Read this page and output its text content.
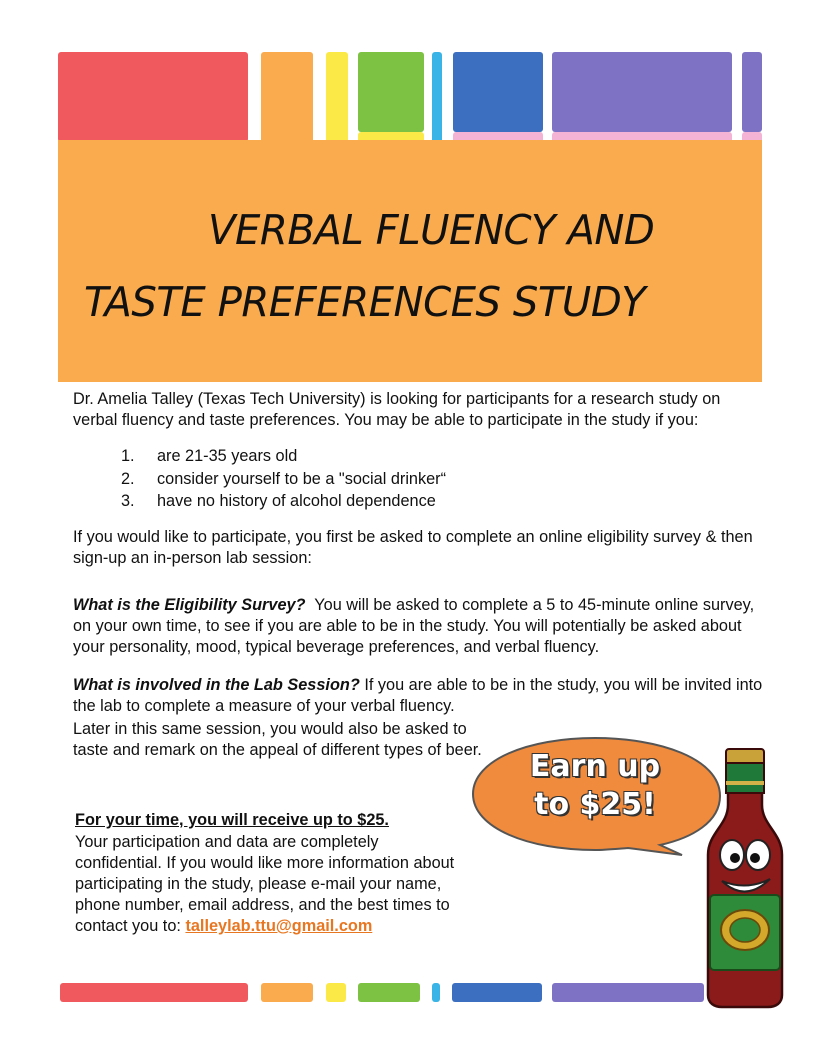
VERBAL FLUENCY AND
TASTE PREFERENCES STUDY
Dr. Amelia Talley (Texas Tech University) is looking for participants for a research study on verbal fluency and taste preferences. You may be able to participate in the study if you:
1. are 21-35 years old
2. consider yourself to be a "social drinker“
3. have no history of alcohol dependence
If you would like to participate, you first be asked to complete an online eligibility survey & then sign-up an in-person lab session:
What is the Eligibility Survey? You will be asked to complete a 5 to 45-minute online survey, on your own time, to see if you are able to be in the study. You will potentially be asked about your personality, mood, typical beverage preferences, and verbal fluency.
What is involved in the Lab Session? If you are able to be in the study, you will be invited into the lab to complete a measure of your verbal fluency.
Later in this same session, you would also be asked to taste and remark on the appeal of different types of beer.
For your time, you will receive up to $25.
Your participation and data are completely confidential. If you would like more information about participating in the study, please e-mail your name, phone number, email address, and the best times to contact you to: talleylab.ttu@gmail.com
Earn up
to $25!
